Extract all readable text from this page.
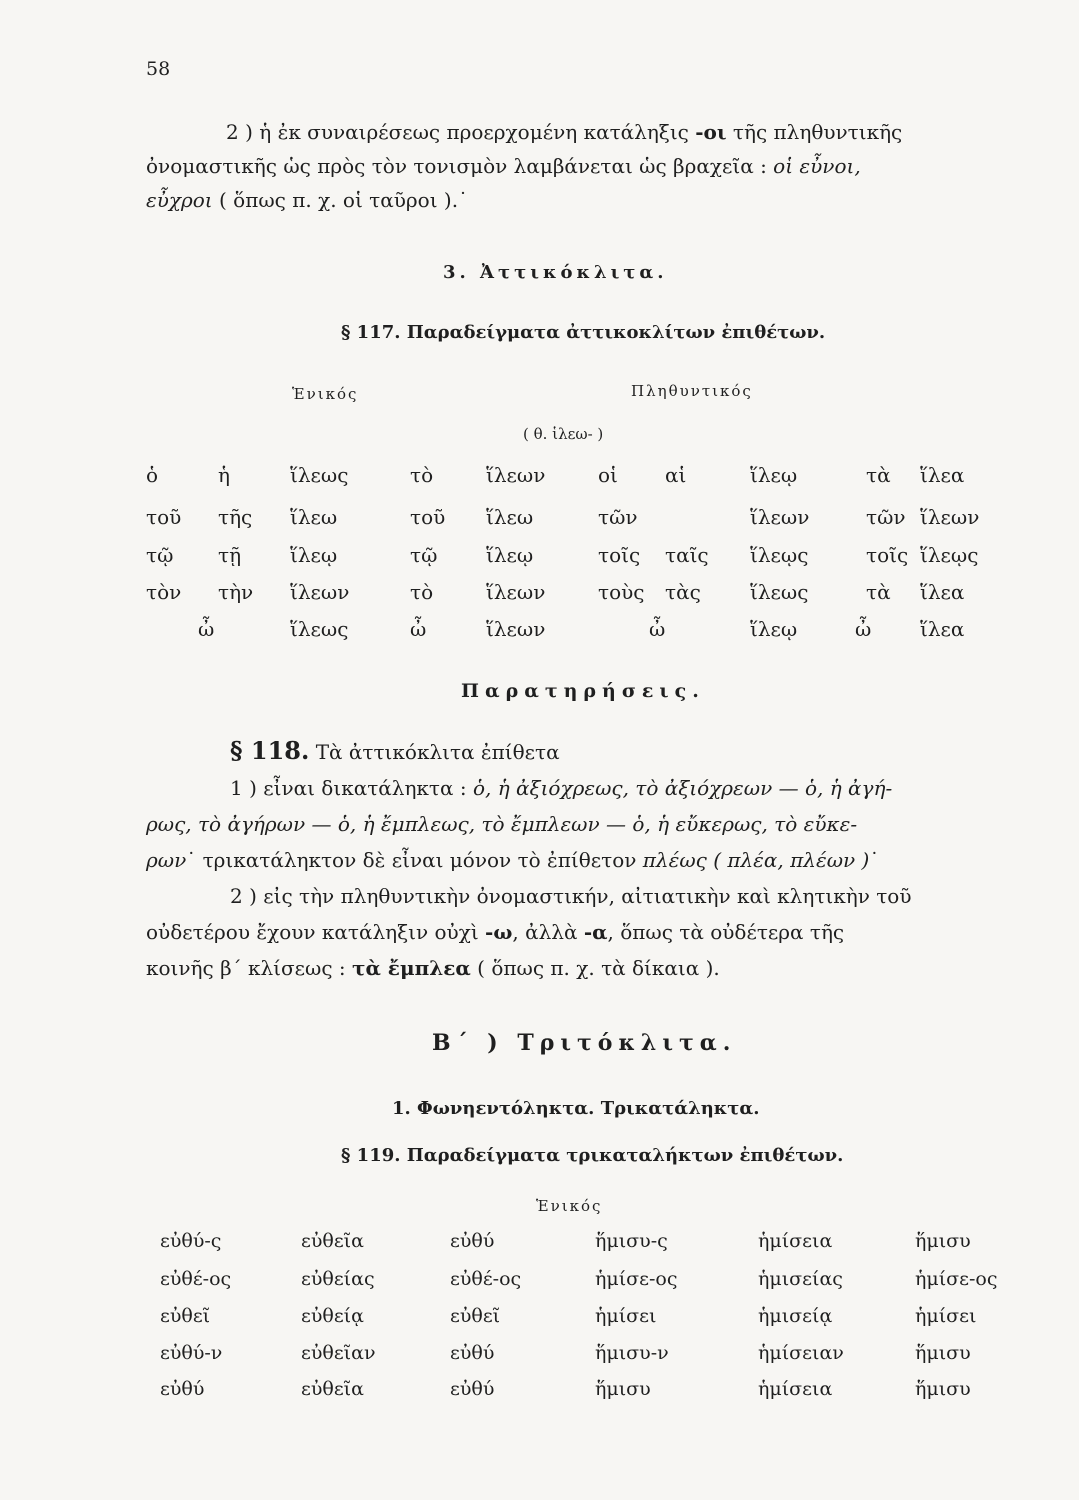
58
2 ) ἡ ἐκ συναιρέσεως προερχομένη κατάληξις -οι τῆς πληθυντικῆς
ὀνομαστικῆς ὡς πρὸς τὸν τονισμὸν λαμβάνεται ὡς βραχεῖα : οἱ εὖνοι,
εὖχροι ( ὅπως π. χ. οἱ ταῦροι ).˙
3. Ἀττικόκλιτα.
§ 117. Παραδείγματα ἀττικοκλίτων ἐπιθέτων.
Ἑνικός	Πληθυντικός
( θ. ἱλεω- )
ὁ	ἡ	ἵλεως	τὸ	ἵλεων	οἱ αἱ	ἵλεῳ	τὰ ἵλεα
τοῦ τῆς ἵλεω	τοῦ ἵλεω	τῶν	ἵλεων	τῶν ἵλεων
τῷ τῇ ἵλεῳ	τῷ ἵλεῳ	τοῖς ταῖς ἵλεῳς	τοῖς ἵλεῳς
τὸν τὴν ἵλεων	τὸ	ἵλεων	τοὺς τὰς ἵλεως	τὰ ἵλεα
ὦ	ἵλεως	ὦ	ἵλεων	ὦ	ἵλεῳ	ὦ ἵλεα
Παρατηρήσεις.
§ 118. Τὰ ἀττικόκλιτα ἐπίθετα
1 ) εἶναι δικατάληκτα : ὁ, ἡ ἀξιόχρεως, τὸ ἀξιόχρεων — ὁ, ἡ ἀγή-
ρως, τὸ ἀγήρων — ὁ, ἡ ἔμπλεως, τὸ ἔμπλεων — ὁ, ἡ εὔκερως, τὸ εὔκε-
ρων˙ τρικατάληκτον δὲ εἶναι μόνον τὸ ἐπίθετον πλέως ( πλέα, πλέων )˙
2 ) εἰς τὴν πληθυντικὴν ὀνομαστικήν, αἰτιατικὴν καὶ κλητικὴν τοῦ
οὐδετέρου ἔχουν κατάληξιν οὐχὶ -ω, ἀλλὰ -α, ὅπως τὰ οὐδέτερα τῆς
κοινῆς β΄ κλίσεως : τὰ ἔμπλεα ( ὅπως π. χ. τὰ δίκαια ).
Β΄ ) Τριτόκλιτα.
1. Φωνηεντόληκτα. Τρικατάληκτα.
§ 119. Παραδείγματα τρικαταλήκτων ἐπιθέτων.
Ἑνικός
εὐθύ-ς	εὐθεῖα	εὐθύ	ἥμισυ-ς	ἡμίσεια	ἥμισυ
εὐθέ-ος	εὐθείας	εὐθέ-ος	ἡμίσε-ος	ἡμισείας	ἡμίσε-ος
εὐθεῖ	εὐθείᾳ	εὐθεῖ	ἡμίσει	ἡμισείᾳ	ἡμίσει
εὐθύ-ν	εὐθεῖαν	εὐθύ	ἥμισυ-ν	ἡμίσειαν	ἥμισυ
εὐθύ	εὐθεῖα	εὐθύ	ἥμισυ	ἡμίσεια	ἥμισυ
